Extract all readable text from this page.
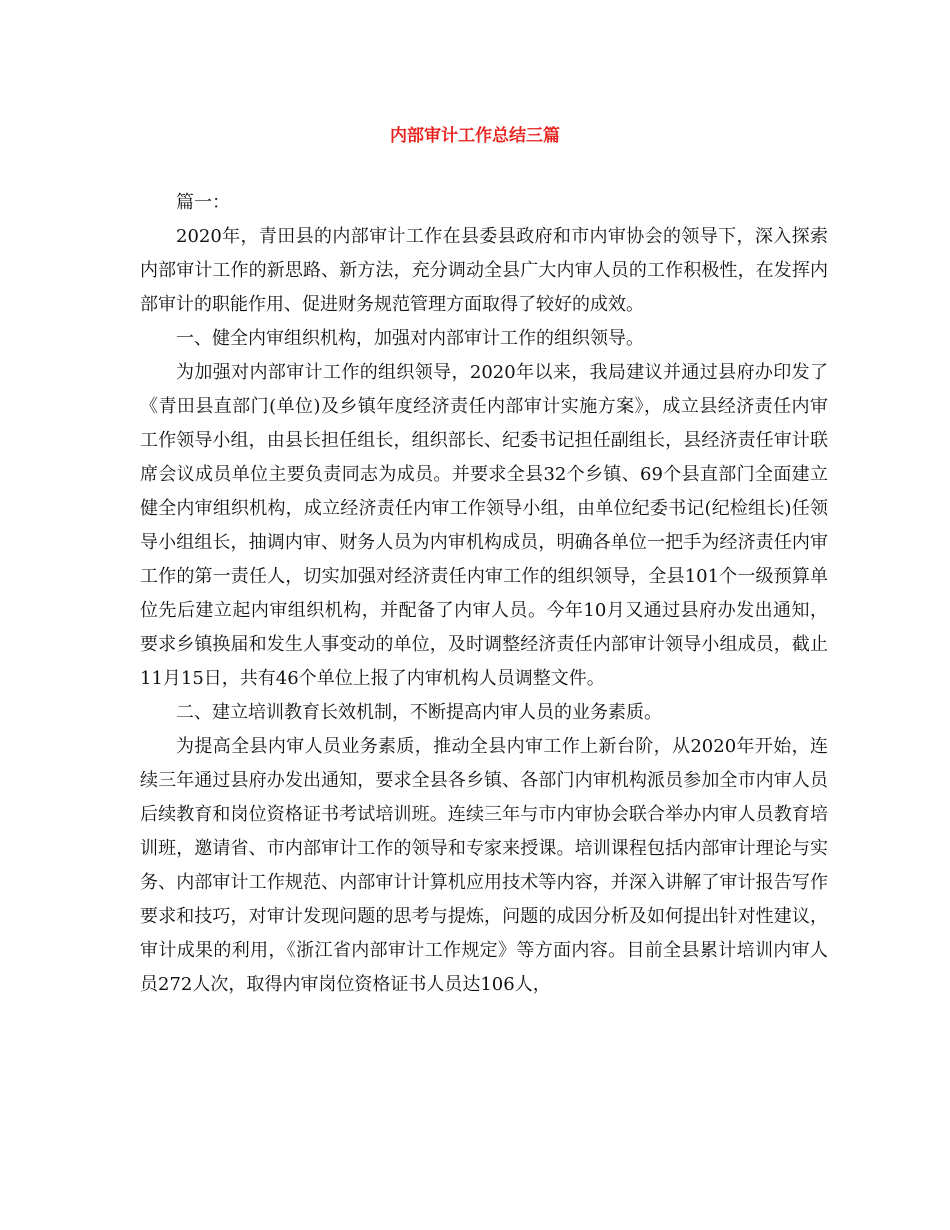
内部审计工作总结三篇

篇一：

2020年，青田县的内部审计工作在县委县政府和市内审协会的领导下，深入探索内部审计工作的新思路、新方法，充分调动全县广大内审人员的工作积极性，在发挥内部审计的职能作用、促进财务规范管理方面取得了较好的成效。

一、健全内审组织机构，加强对内部审计工作的组织领导。

为加强对内部审计工作的组织领导，2020年以来，我局建议并通过县府办印发了《青田县直部门(单位)及乡镇年度经济责任内部审计实施方案》，成立县经济责任内审工作领导小组，由县长担任组长，组织部长、纪委书记担任副组长，县经济责任审计联席会议成员单位主要负责同志为成员。并要求全县32个乡镇、69个县直部门全面建立健全内审组织机构，成立经济责任内审工作领导小组，由单位纪委书记(纪检组长)任领导小组组长，抽调内审、财务人员为内审机构成员，明确各单位一把手为经济责任内审工作的第一责任人，切实加强对经济责任内审工作的组织领导，全县101个一级预算单位先后建立起内审组织机构，并配备了内审人员。今年10月又通过县府办发出通知，要求乡镇换届和发生人事变动的单位，及时调整经济责任内部审计领导小组成员，截止11月15日，共有46个单位上报了内审机构人员调整文件。

二、建立培训教育长效机制，不断提高内审人员的业务素质。

为提高全县内审人员业务素质，推动全县内审工作上新台阶，从2020年开始，连续三年通过县府办发出通知，要求全县各乡镇、各部门内审机构派员参加全市内审人员后续教育和岗位资格证书考试培训班。连续三年与市内审协会联合举办内审人员教育培训班，邀请省、市内部审计工作的领导和专家来授课。培训课程包括内部审计理论与实务、内部审计工作规范、内部审计计算机应用技术等内容，并深入讲解了审计报告写作要求和技巧，对审计发现问题的思考与提炼，问题的成因分析及如何提出针对性建议，审计成果的利用，《浙江省内部审计工作规定》等方面内容。目前全县累计培训内审人员272人次，取得内审岗位资格证书人员达106人，
